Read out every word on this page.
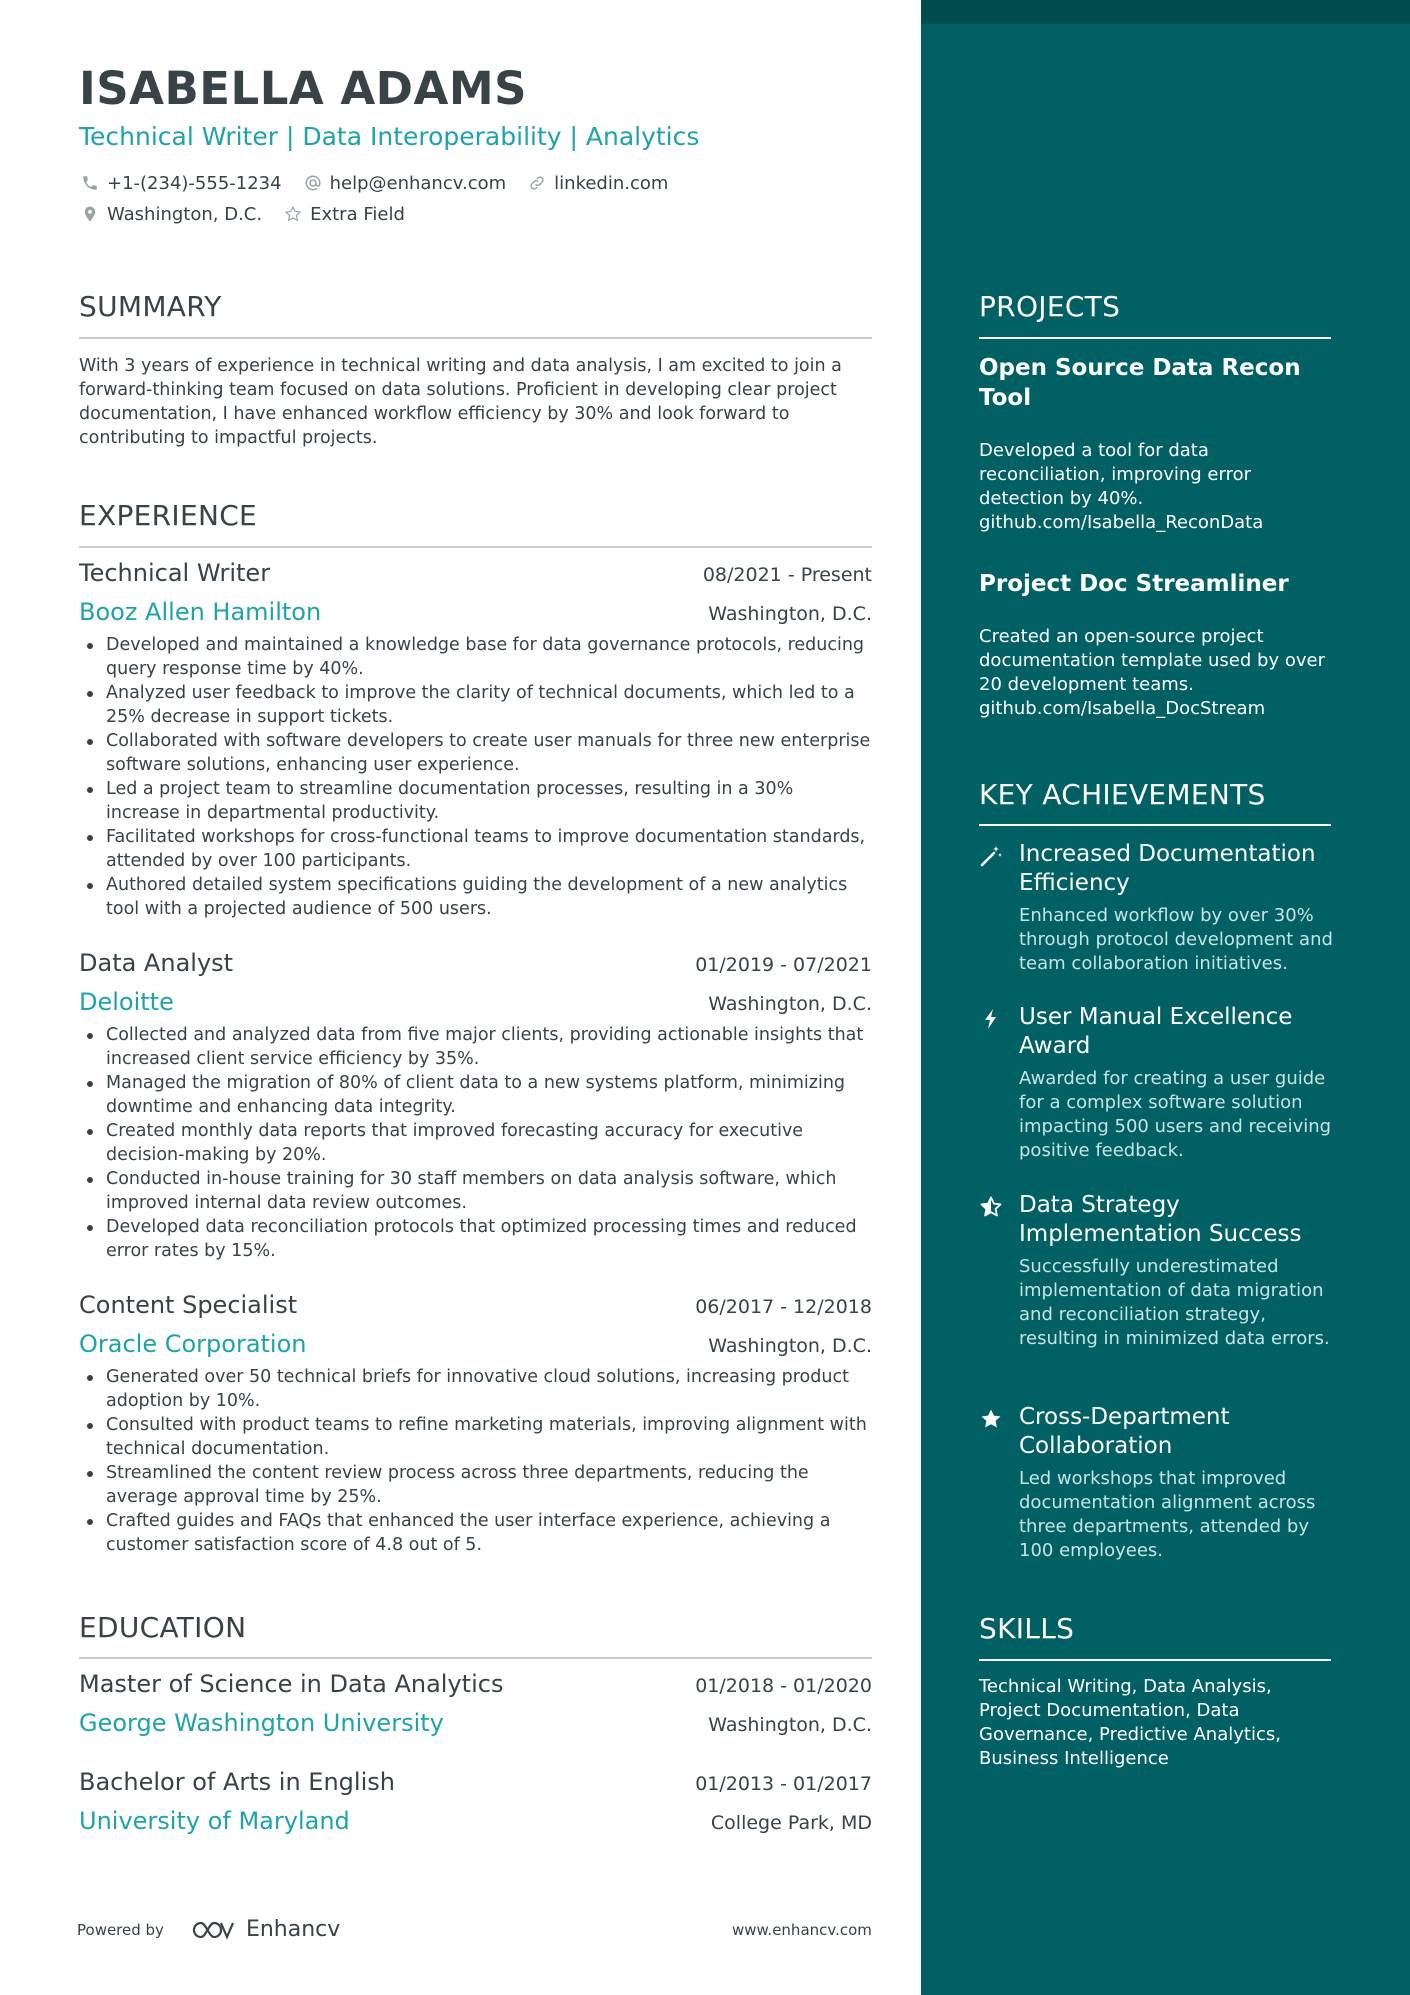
ISABELLA ADAMS
Technical Writer | Data Interoperability | Analytics
+1-(234)-555-1234	help@enhancv.com	linkedin.com
Washington, D.C.	Extra Field
SUMMARY
With 3 years of experience in technical writing and data analysis, I am excited to join a forward-thinking team focused on data solutions. Proficient in developing clear project documentation, I have enhanced workflow efficiency by 30% and look forward to contributing to impactful projects.
EXPERIENCE
Technical Writer	08/2021 - Present
Booz Allen Hamilton	Washington, D.C.
Developed and maintained a knowledge base for data governance protocols, reducing query response time by 40%.
Analyzed user feedback to improve the clarity of technical documents, which led to a 25% decrease in support tickets.
Collaborated with software developers to create user manuals for three new enterprise software solutions, enhancing user experience.
Led a project team to streamline documentation processes, resulting in a 30% increase in departmental productivity.
Facilitated workshops for cross-functional teams to improve documentation standards, attended by over 100 participants.
Authored detailed system specifications guiding the development of a new analytics tool with a projected audience of 500 users.
Data Analyst	01/2019 - 07/2021
Deloitte	Washington, D.C.
Collected and analyzed data from five major clients, providing actionable insights that increased client service efficiency by 35%.
Managed the migration of 80% of client data to a new systems platform, minimizing downtime and enhancing data integrity.
Created monthly data reports that improved forecasting accuracy for executive decision-making by 20%.
Conducted in-house training for 30 staff members on data analysis software, which improved internal data review outcomes.
Developed data reconciliation protocols that optimized processing times and reduced error rates by 15%.
Content Specialist	06/2017 - 12/2018
Oracle Corporation	Washington, D.C.
Generated over 50 technical briefs for innovative cloud solutions, increasing product adoption by 10%.
Consulted with product teams to refine marketing materials, improving alignment with technical documentation.
Streamlined the content review process across three departments, reducing the average approval time by 25%.
Crafted guides and FAQs that enhanced the user interface experience, achieving a customer satisfaction score of 4.8 out of 5.
EDUCATION
Master of Science in Data Analytics	01/2018 - 01/2020
George Washington University	Washington, D.C.
Bachelor of Arts in English	01/2013 - 01/2017
University of Maryland	College Park, MD
Powered by	Enhancv	www.enhancv.com
PROJECTS
Open Source Data Recon Tool
Developed a tool for data reconciliation, improving error detection by 40%. github.com/Isabella_ReconData
Project Doc Streamliner
Created an open-source project documentation template used by over 20 development teams. github.com/Isabella_DocStream
KEY ACHIEVEMENTS
Increased Documentation Efficiency
Enhanced workflow by over 30% through protocol development and team collaboration initiatives.
User Manual Excellence Award
Awarded for creating a user guide for a complex software solution impacting 500 users and receiving positive feedback.
Data Strategy Implementation Success
Successfully underestimated implementation of data migration and reconciliation strategy, resulting in minimized data errors.
Cross-Department Collaboration
Led workshops that improved documentation alignment across three departments, attended by 100 employees.
SKILLS
Technical Writing, Data Analysis, Project Documentation, Data Governance, Predictive Analytics, Business Intelligence
